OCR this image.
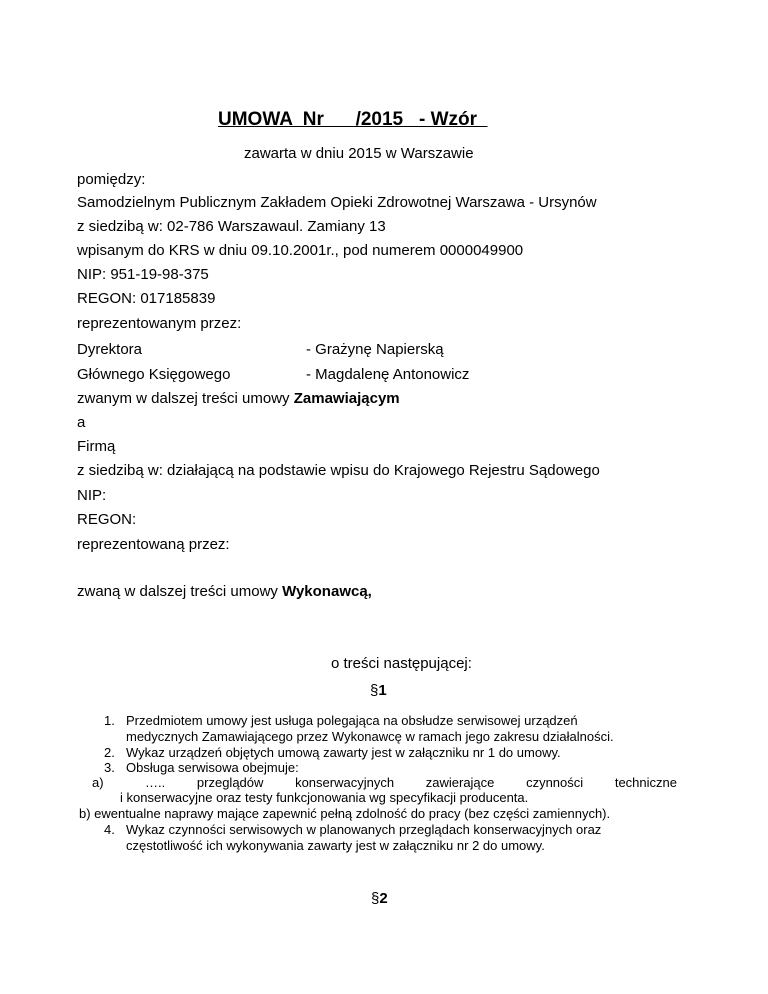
UMOWA  Nr      /2015   - Wzór
zawarta w dniu 2015 w Warszawie
pomiędzy:
Samodzielnym Publicznym Zakładem Opieki Zdrowotnej Warszawa - Ursynów
z siedzibą w: 02-786 Warszawaul. Zamiany 13
wpisanym do KRS w dniu 09.10.2001r., pod numerem 0000049900
NIP: 951-19-98-375
REGON: 017185839
reprezentowanym przez:
Dyrektora	- Grażynę Napierską
Głównego Księgowego	- Magdalenę Antonowicz
zwanym w dalszej treści umowy Zamawiającym
a
Firmą
z siedzibą w: działającą na podstawie wpisu do Krajowego Rejestru Sądowego
NIP:
REGON:
reprezentowaną przez:
zwaną w dalszej treści umowy Wykonawcą,
o treści następującej:
§1
1. Przedmiotem umowy jest usługa polegająca na obsłudze serwisowej urządzeń
medycznych Zamawiającego przez Wykonawcę w ramach jego zakresu działalności.
2. Wykaz urządzeń objętych umową zawarty jest w załączniku nr 1 do umowy.
3. Obsługa serwisowa obejmuje:
a)	….. przeglądów konserwacyjnych zawierające czynności techniczne
i konserwacyjne oraz testy funkcjonowania wg specyfikacji producenta.
b) ewentualne naprawy mające zapewnić pełną zdolność do pracy (bez części zamiennych).
4. Wykaz czynności serwisowych w planowanych przeglądach konserwacyjnych oraz
częstotliwość ich wykonywania zawarty jest w załączniku nr 2 do umowy.
§2
